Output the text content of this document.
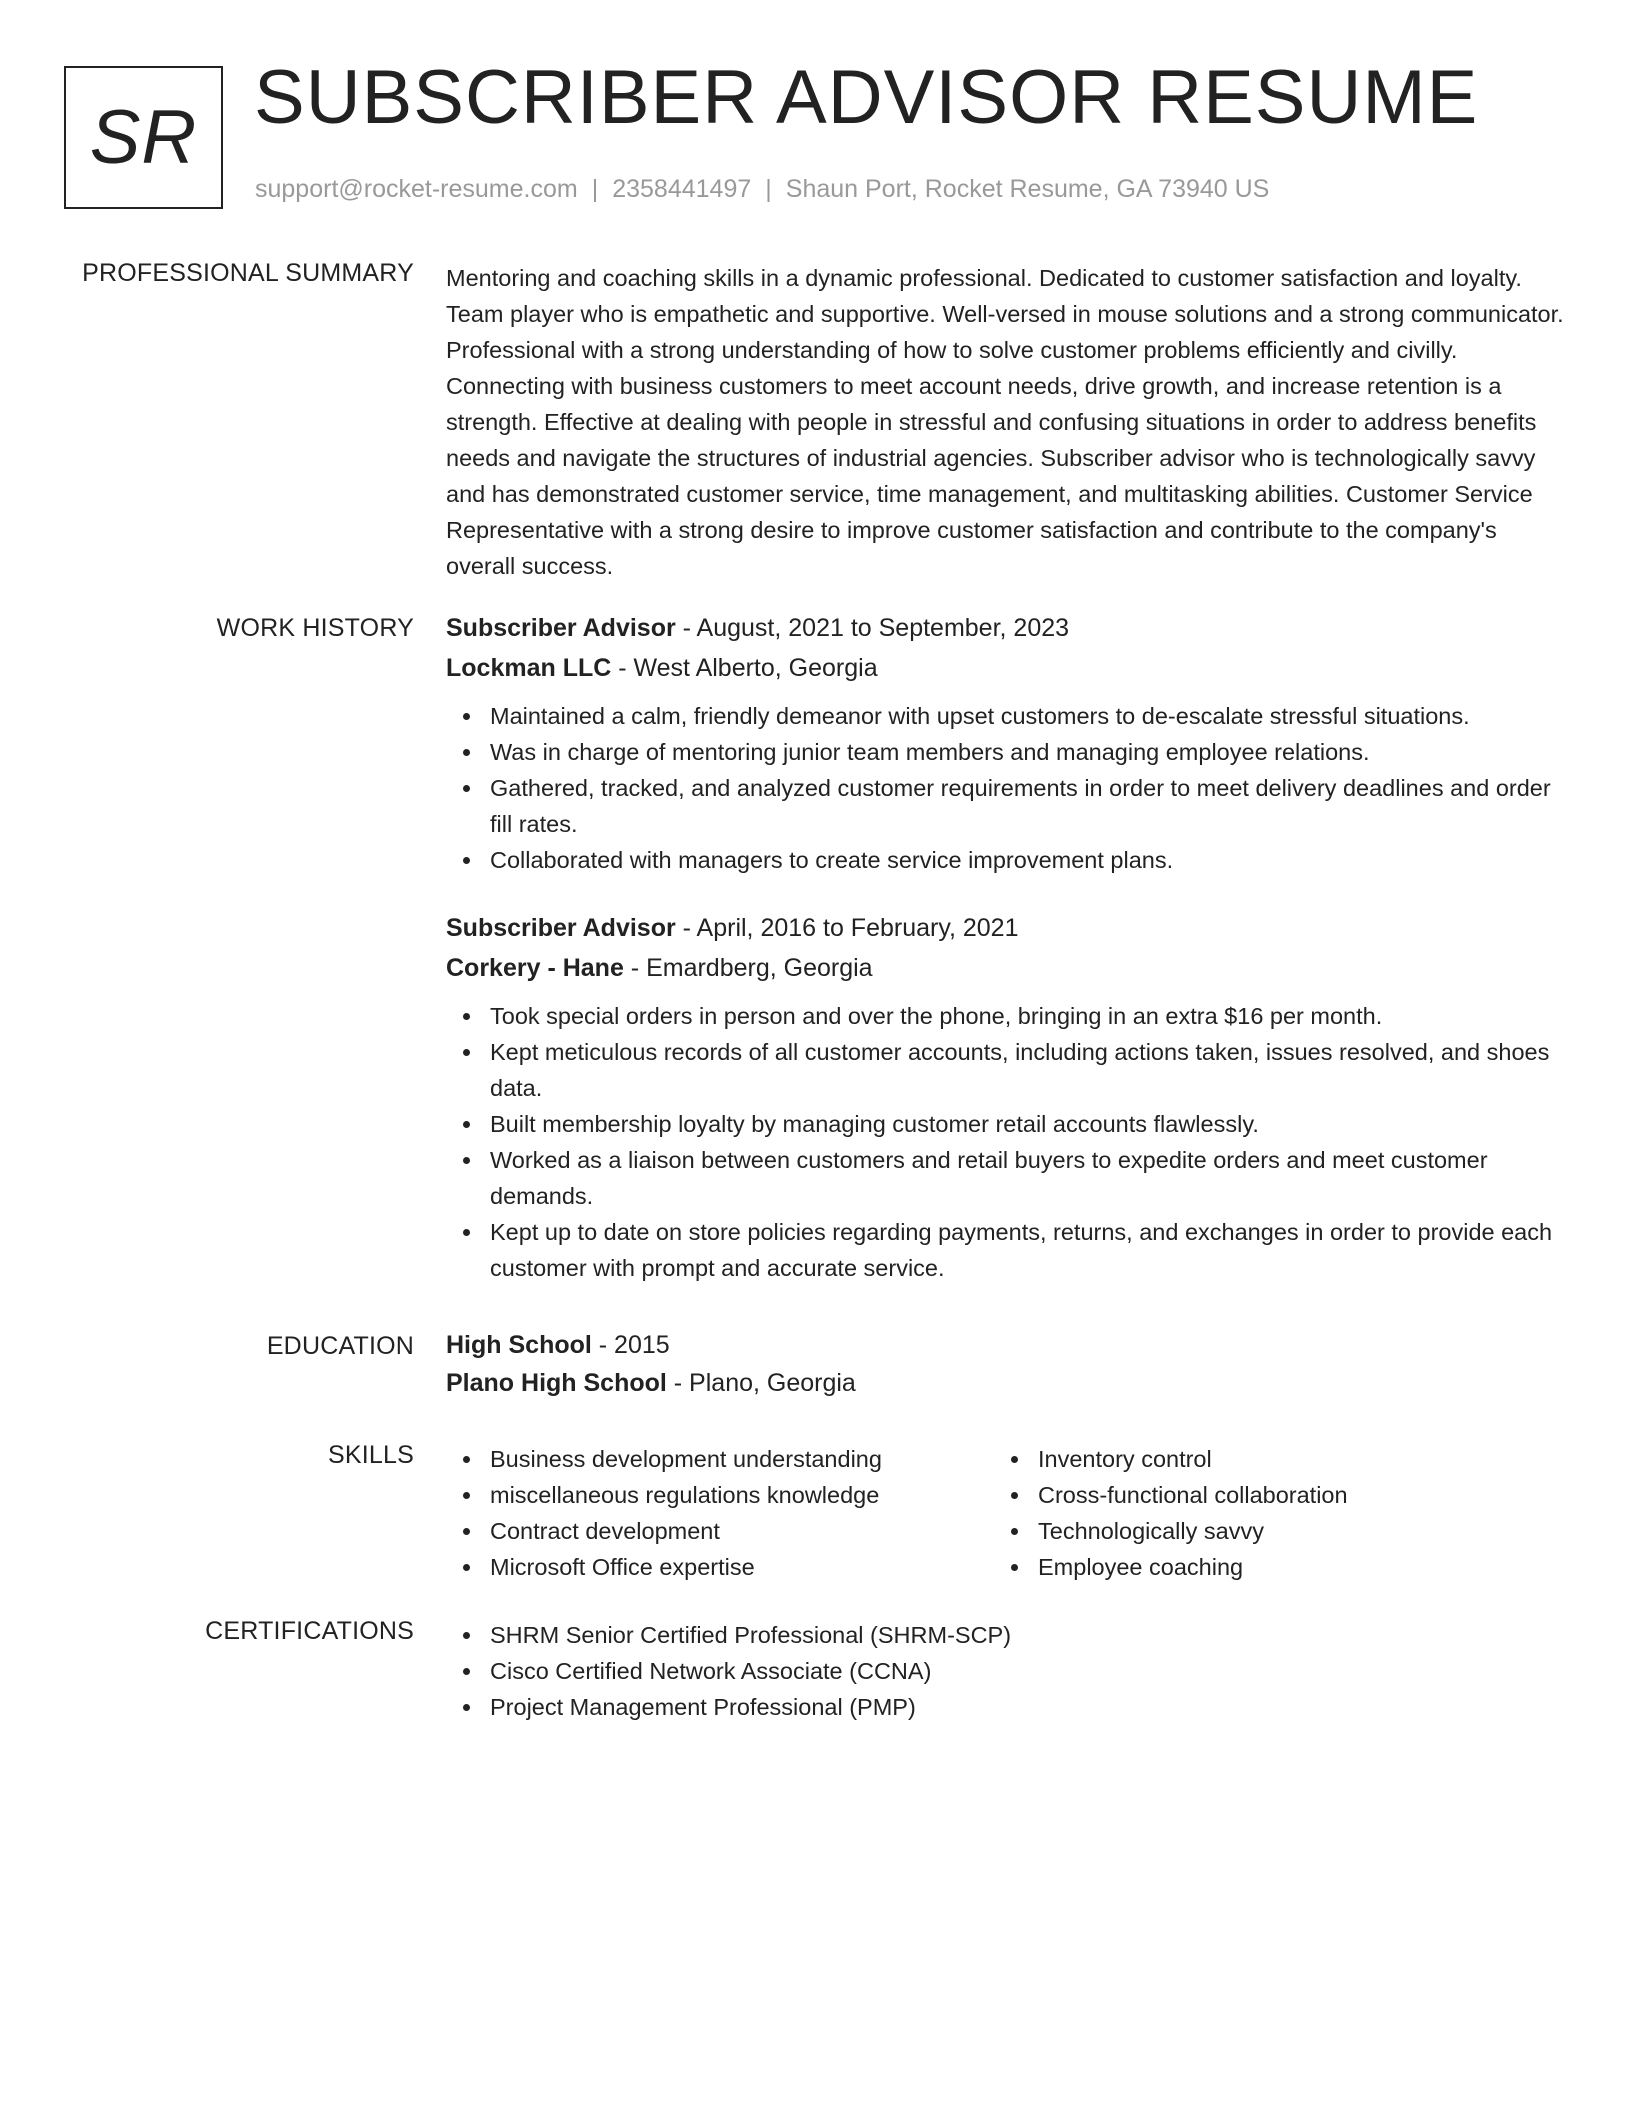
SR SUBSCRIBER ADVISOR RESUME
support@rocket-resume.com | 2358441497 | Shaun Port, Rocket Resume, GA 73940 US
PROFESSIONAL SUMMARY Mentoring and coaching skills in a dynamic professional. Dedicated to customer satisfaction and loyalty. Team player who is empathetic and supportive. Well-versed in mouse solutions and a strong communicator. Professional with a strong understanding of how to solve customer problems efficiently and civilly. Connecting with business customers to meet account needs, drive growth, and increase retention is a strength. Effective at dealing with people in stressful and confusing situations in order to address benefits needs and navigate the structures of industrial agencies. Subscriber advisor who is technologically savvy and has demonstrated customer service, time management, and multitasking abilities. Customer Service Representative with a strong desire to improve customer satisfaction and contribute to the company's overall success.

WORK HISTORY Subscriber Advisor - August, 2021 to September, 2023
Lockman LLC - West Alberto, Georgia
Maintained a calm, friendly demeanor with upset customers to de-escalate stressful situations.
Was in charge of mentoring junior team members and managing employee relations.
Gathered, tracked, and analyzed customer requirements in order to meet delivery deadlines and order fill rates.
Collaborated with managers to create service improvement plans.
Subscriber Advisor - April, 2016 to February, 2021
Corkery - Hane - Emardberg, Georgia
Took special orders in person and over the phone, bringing in an extra $16 per month.
Kept meticulous records of all customer accounts, including actions taken, issues resolved, and shoes data.
Built membership loyalty by managing customer retail accounts flawlessly.
Worked as a liaison between customers and retail buyers to expedite orders and meet customer demands.
Kept up to date on store policies regarding payments, returns, and exchanges in order to provide each customer with prompt and accurate service.
EDUCATION High School - 2015
Plano High School - Plano, Georgia
SKILLS	Business development understanding
miscellaneous regulations knowledge
Contract development
Microsoft Office expertise
Inventory control
Cross-functional collaboration
Technologically savvy
Employee coaching
CERTIFICATIONS	SHRM Senior Certified Professional (SHRM-SCP)
Cisco Certified Network Associate (CCNA)
Project Management Professional (PMP)
